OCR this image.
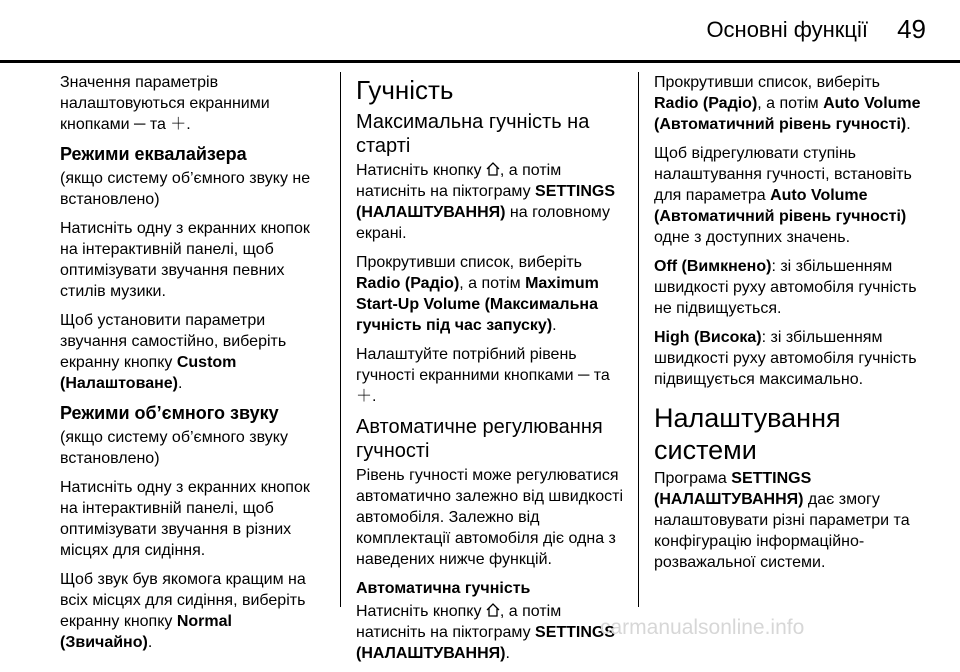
Основні функції 49

Значення параметрів налаштовуються екранними кнопками ─ та ＋.

Режими еквалайзера

(якщо систему об’ємного звуку не встановлено)

Натисніть одну з екранних кнопок на інтерактивній панелі, щоб оптимізувати звучання певних стилів музики.

Щоб установити параметри звучання самостійно, виберіть екранну кнопку Custom (Налаштоване).

Режими об’ємного звуку

(якщо систему об’ємного звуку встановлено)

Натисніть одну з екранних кнопок на інтерактивній панелі, щоб оптимізувати звучання в різних місцях для сидіння.

Щоб звук був якомога кращим на всіх місцях для сидіння, виберіть екранну кнопку Normal (Звичайно).

Гучність
Максимальна гучність на старті

Натисніть кнопку , а потім натисніть на піктограму SETTINGS (НАЛАШТУВАННЯ) на головному екрані.

Прокрутивши список, виберіть Radio (Радіо), а потім Maximum Start-Up Volume (Максимальна гучність під час запуску).

Налаштуйте потрібний рівень гучності екранними кнопками ─ та ＋.

Автоматичне регулювання гучності

Рівень гучності може регулюватися автоматично залежно від швидкості автомобіля. Залежно від комплектації автомобіля діє одна з наведених нижче функцій.

Автоматична гучність

Натисніть кнопку , а потім натисніть на піктограму SETTINGS (НАЛАШТУВАННЯ).

Прокрутивши список, виберіть Radio (Радіо), а потім Auto Volume (Автоматичний рівень гучності).

Щоб відрегулювати ступінь налаштування гучності, встановіть для параметра Auto Volume (Автоматичний рівень гучності) одне з доступних значень.

Off (Вимкнено): зі збільшенням швидкості руху автомобіля гучність не підвищується.

High (Висока): зі збільшенням швидкості руху автомобіля гучність підвищується максимально.

Налаштування системи

Програма SETTINGS (НАЛАШТУВАННЯ) дає змогу налаштовувати різні параметри та конфігурацію інформаційно-розважальної системи.

carmanualsonline.info
